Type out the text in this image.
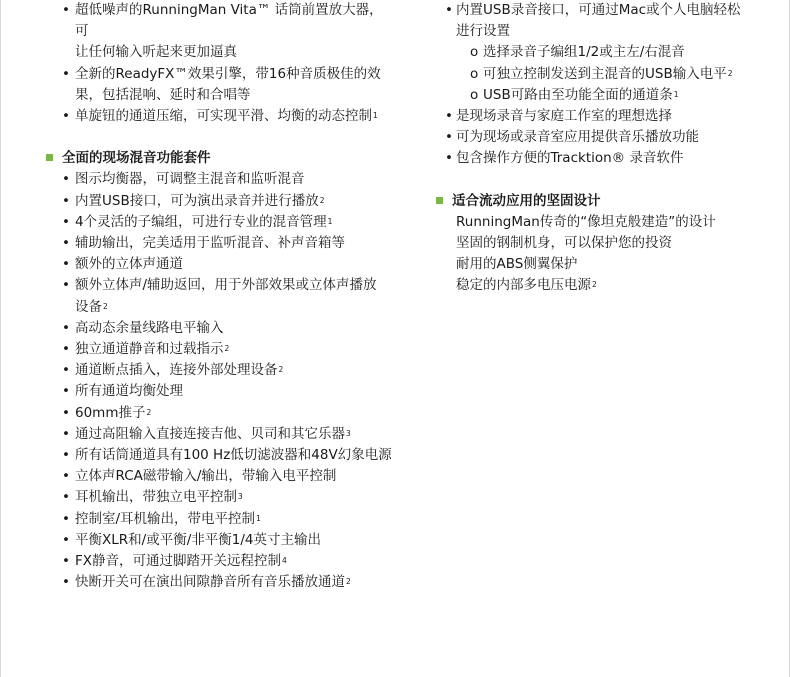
• 超低噪声的RunningMan Vita™ 话筒前置放大器，可
让任何输入听起来更加逼真
• 全新的ReadyFX™效果引擎，带16种音质极佳的效
果，包括混响、延时和合唱等
• 单旋钮的通道压缩，可实现平滑、均衡的动态控制$^1$
全面的现场混音功能套件
• 图示均衡器，可调整主混音和监听混音
• 内置USB接口，可为演出录音并进行播放$^2$
• 4个灵活的子编组，可进行专业的混音管理$^1$
• 辅助输出，完美适用于监听混音、补声音箱等
• 额外的立体声通道
• 额外立体声/辅助返回，用于外部效果或立体声播放
设备$^2$
• 高动态余量线路电平输入
• 独立通道静音和过载指示$^2$
• 通道断点插入，连接外部处理设备$^2$
• 所有通道均衡处理
• 60mm推子$^2$
• 通过高阻输入直接连接吉他、贝司和其它乐器$^3$
• 所有话筒通道具有100 Hz低切滤波器和48V幻象电源
• 立体声RCA磁带输入/输出，带输入电平控制
• 耳机输出，带独立电平控制$^3$
• 控制室/耳机输出，带电平控制$^1$
• 平衡XLR和/或平衡/非平衡1/4英寸主输出
• FX静音，可通过脚踏开关远程控制$^4$
• 快断开关可在演出间隙静音所有音乐播放通道$^2$
• 内置USB录音接口，可通过Mac或个人电脑轻松
进行设置
o 选择录音子编组1/2或主左/右混音
o 可独立控制发送到主混音的USB输入电平$^2$
o USB可路由至功能全面的通道条$^1$
• 是现场录音与家庭工作室的理想选择
• 可为现场或录音室应用提供音乐播放功能
• 包含操作方便的Tracktion® 录音软件
适合流动应用的坚固设计
RunningMan传奇的“像坦克般建造”的设计
坚固的钢制机身，可以保护您的投资
耐用的ABS侧翼保护
稳定的内部多电压电源$^2$
